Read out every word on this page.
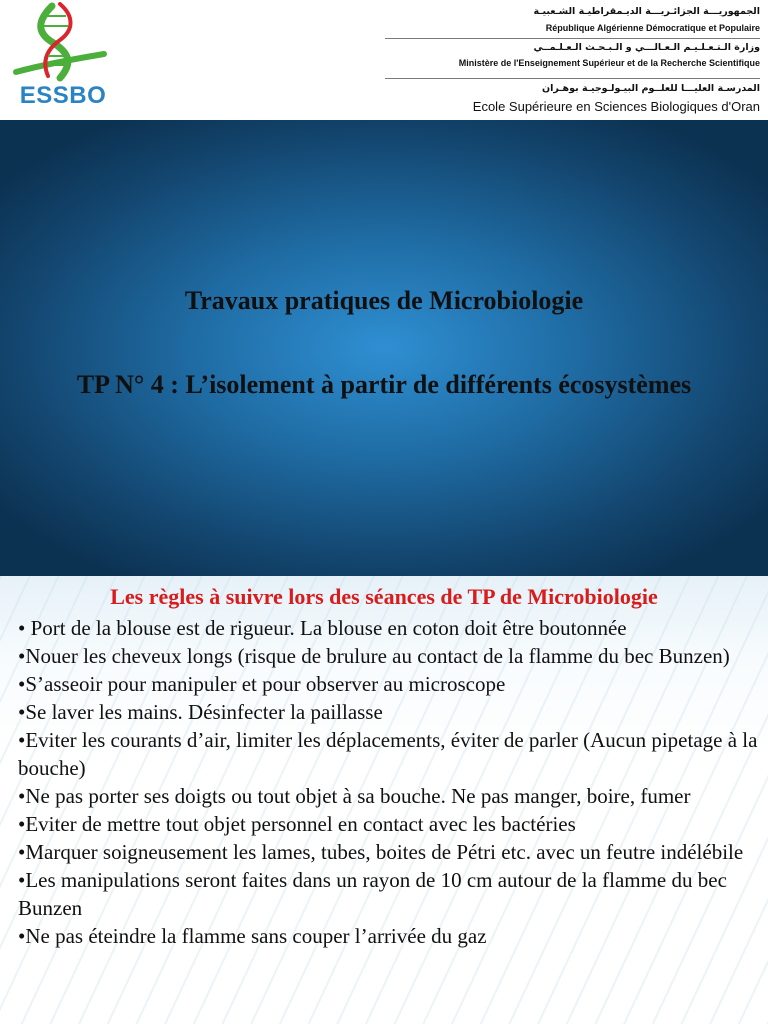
ESSBO
الجمهوريـــة الجزائـريـــة الديـمقراطيـة الشـعبيـة
République Algérienne Démocratique et Populaire
وزارة الـتـعـلـيـم الـعـالـــي و الـبـحـث الـعـلـمــي
Ministère de l'Enseignement Supérieur et de la Recherche Scientifique
المدرسـة العليـــا للعلــوم البيـولـوجيـة بوهـران
Ecole Supérieure en Sciences Biologiques d'Oran
Travaux pratiques de Microbiologie
TP N° 4 : L’isolement à partir de différents écosystèmes
Les règles à suivre lors des séances de TP de Microbiologie
• Port de la blouse est de rigueur. La blouse en coton doit être boutonnée
•Nouer les cheveux longs (risque de brulure au contact de la flamme du bec Bunzen)
•S’asseoir pour manipuler et pour observer au microscope
•Se laver les mains. Désinfecter la paillasse
•Eviter les courants d’air, limiter les déplacements, éviter de parler (Aucun pipetage à la bouche)
•Ne pas porter ses doigts ou tout objet à sa bouche. Ne pas manger, boire, fumer
•Eviter de mettre tout objet personnel en contact avec les bactéries
•Marquer soigneusement les lames, tubes, boites de Pétri etc. avec un feutre indélébile
•Les manipulations seront faites dans un rayon de 10 cm autour de la flamme du bec Bunzen
•Ne pas éteindre la flamme sans couper l’arrivée du gaz
